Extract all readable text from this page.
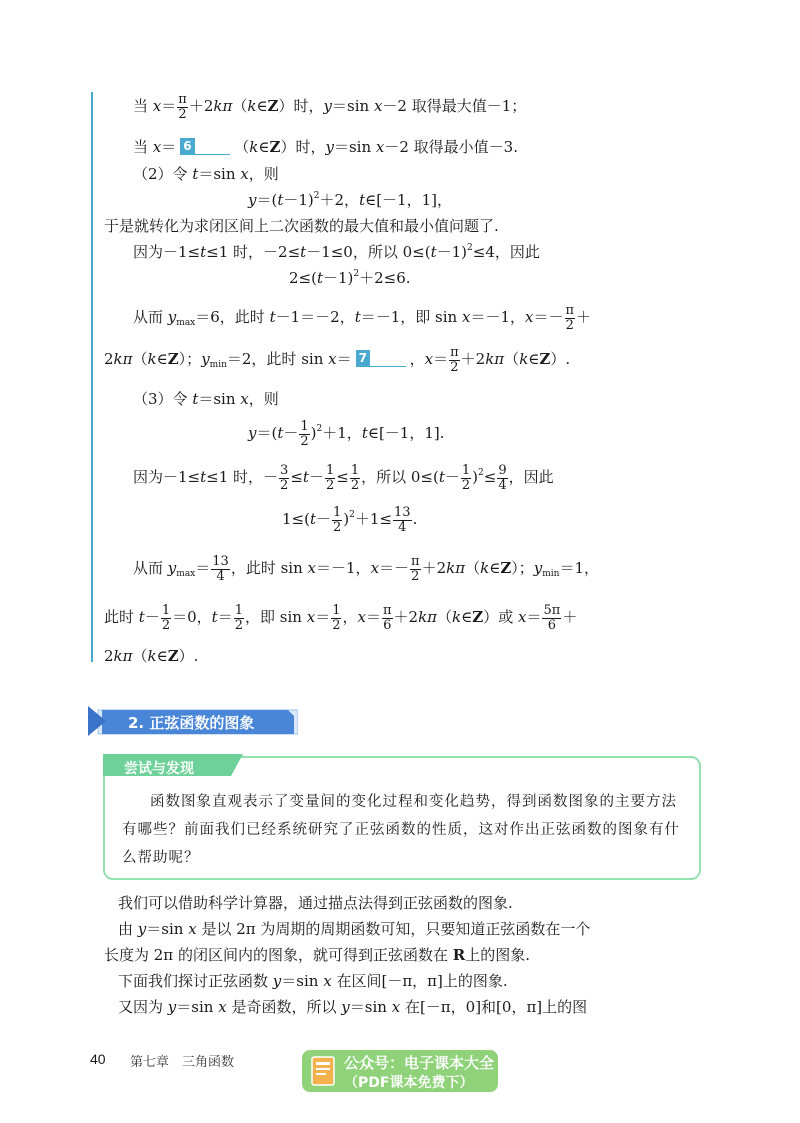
当 $x= \frac{\pi}{2}$ ＋2kπ（k∈Z）时，y＝sin x－2 取得最大值－1；
当 x＝ 6	（k∈Z）时，y＝sin x－2 取得最小值－3.
（2）令 t＝sin x，则
$y=(t-1)^2+2$，t∈[－1，1]，
于是就转化为求闭区间上二次函数的最大值和最小值问题了.
因为－1≤t≤1 时，－2≤t－1≤0，所以 $0\le(t-1)^2\le 4$，因此
$2\le(t-1)^2+2\le 6$.
从而 $y_{max}=6$，此时 t－1＝－2，t＝－1，即 sin x＝－1，$x=- \frac{\pi}{2}$ ＋
2kπ（k∈Z）；$y_{min}=2$，此时 sin x＝ 7	，$x= \frac{\pi}{2}$ ＋2kπ（k∈Z）.
（3）令 t＝sin x，则
$y=(t- \frac{1}{2} )^2+1$，t∈[－1，1].
因为－1≤t≤1 时，－ $\frac{3}{2} \le t- \frac{1}{2} \le \frac{1}{2}$ ，所以 $0\le(t- \frac{1}{2} )^2\le \frac{9}{4}$ ，因此
$1\le(t- \frac{1}{2} )^2+1\le \frac{13}{4}$ .
从而 $y_{max}= \frac{13}{4}$ ，此时 sin x＝－1，$x=- \frac{\pi}{2}$ ＋2kπ（k∈Z）；$y_{min}=1$，
此时 $t- \frac{1}{2} =0$，$t= \frac{1}{2}$ ，即 $\sin x= \frac{1}{2}$ ，$x= \frac{\pi}{6}$ ＋2kπ（k∈Z）或 $x= \frac{5\pi}{6}$ ＋
2kπ（k∈Z）.
2. 正弦函数的图象
尝试与发现
函数图象直观表示了变量间的变化过程和变化趋势，得到函数图象的主要方法
有哪些？前面我们已经系统研究了正弦函数的性质，这对作出正弦函数的图象有什
么帮助呢？
我们可以借助科学计算器，通过描点法得到正弦函数的图象.
由 y＝sin x 是以 2π 为周期的周期函数可知，只要知道正弦函数在一个
长度为 2π 的闭区间内的图象，就可得到正弦函数在 R上的图象.
下面我们探讨正弦函数 y＝sin x 在区间[－π，π]上的图象.
又因为 y＝sin x 是奇函数，所以 y＝sin x 在[－π，0]和[0，π]上的图
40 第七章　三角函数	公众号：电子课本大全
（PDF课本免费下）
